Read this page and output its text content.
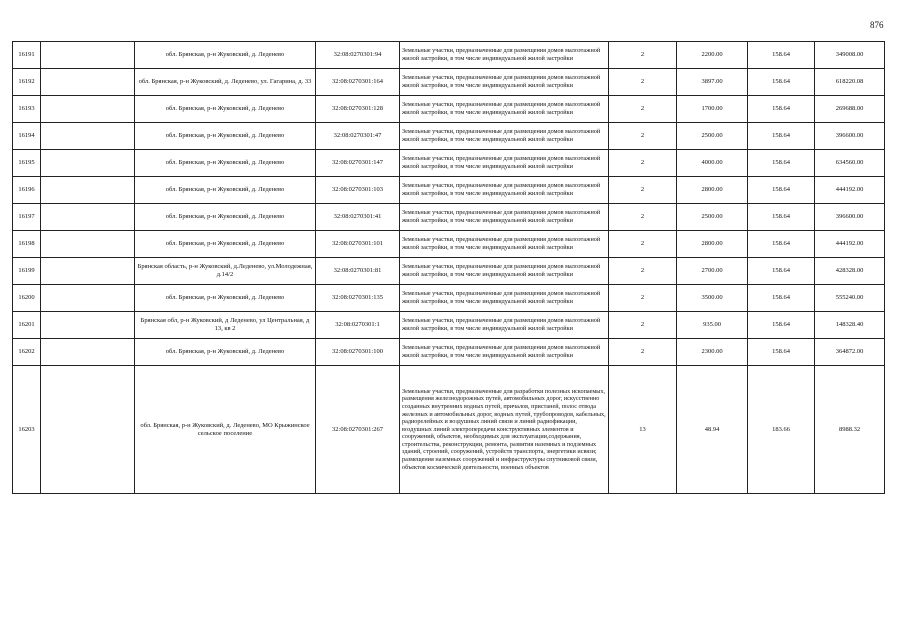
876
16191		обл. Брянская, р-н Жуковский, д. Леденево	32:08:0270301:94	Земельные участки, предназначенные для размещения домов малоэтажной жилой застройки, в том числе индивидуальной жилой застройки	2	2200.00	158.64	349008.00
16192		обл. Брянская, р-н Жуковский, д. Леденево, ул. Гагарина, д. 33	32:08:0270301:164	Земельные участки, предназначенные для размещения домов малоэтажной жилой застройки, в том числе индивидуальной жилой застройки	2	3897.00	158.64	618220.08
16193		обл. Брянская, р-н Жуковский, д. Леденево	32:08:0270301:128	Земельные участки, предназначенные для размещения домов малоэтажной жилой застройки, в том числе индивидуальной жилой застройки	2	1700.00	158.64	269688.00
16194		обл. Брянская, р-н Жуковский, д. Леденево	32:08:0270301:47	Земельные участки, предназначенные для размещения домов малоэтажной жилой застройки, в том числе индивидуальной жилой застройки	2	2500.00	158.64	396600.00
16195		обл. Брянская, р-н Жуковский, д. Леденево	32:08:0270301:147	Земельные участки, предназначенные для размещения домов малоэтажной жилой застройки, в том числе индивидуальной жилой застройки	2	4000.00	158.64	634560.00
16196		обл. Брянская, р-н Жуковский, д. Леденево	32:08:0270301:103	Земельные участки, предназначенные для размещения домов малоэтажной жилой застройки, в том числе индивидуальной жилой застройки	2	2800.00	158.64	444192.00
16197		обл. Брянская, р-н Жуковский, д. Леденево	32:08:0270301:41	Земельные участки, предназначенные для размещения домов малоэтажной жилой застройки, в том числе индивидуальной жилой застройки	2	2500.00	158.64	396600.00
16198		обл. Брянская, р-н Жуковский, д. Леденево	32:08:0270301:101	Земельные участки, предназначенные для размещения домов малоэтажной жилой застройки, в том числе индивидуальной жилой застройки	2	2800.00	158.64	444192.00
16199		Брянская область, р-н Жуковский, д.Леденево, ул.Молодежная, д.14/2	32:08:0270301:81	Земельные участки, предназначенные для размещения домов малоэтажной жилой застройки, в том числе индивидуальной жилой застройки	2	2700.00	158.64	428328.00
16200		обл. Брянская, р-н Жуковский, д. Леденево	32:08:0270301:135	Земельные участки, предназначенные для размещения домов малоэтажной жилой застройки, в том числе индивидуальной жилой застройки	2	3500.00	158.64	555240.00
16201		Брянская обл, р-н Жуковский, д Леденево, ул Центральная, д 13, кв 2	32:08:0270301:1	Земельные участки, предназначенные для размещения домов малоэтажной жилой застройки, в том числе индивидуальной жилой застройки	2	935.00	158.64	148328.40
16202		обл. Брянская, р-н Жуковский, д. Леденево	32:08:0270301:100	Земельные участки, предназначенные для размещения домов малоэтажной жилой застройки, в том числе индивидуальной жилой застройки	2	2300.00	158.64	364872.00
16203		обл. Брянская, р-н Жуковский, д. Леденево, МО Крыжинское сельское поселение	32:08:0270301:267	Земельные участки, предназначенные для разработки полезных ископаемых, размещения железнодорожных путей, автомобильных дорог, искусственно созданных внутренних водных путей, причалов, пристаней, полос отвода железных и автомобильных дорог, водных путей, трубопроводов, кабельных, радиорелейных и воздушных линий связи и линий радиофикации, воздушных линий электропередачи конструктивных элементов и сооружений, объектов, необходимых для эксплуатации,содержания, строительства, реконструкции, ремонта, развития наземных и подземных зданий, строений, сооружений, устройств транспорта, энергетики исвязи; размещения наземных сооружений и инфраструктуры спутниковой связи, объектов космической деятельности, военных объектов	13	48.94	183.66	8988.32
